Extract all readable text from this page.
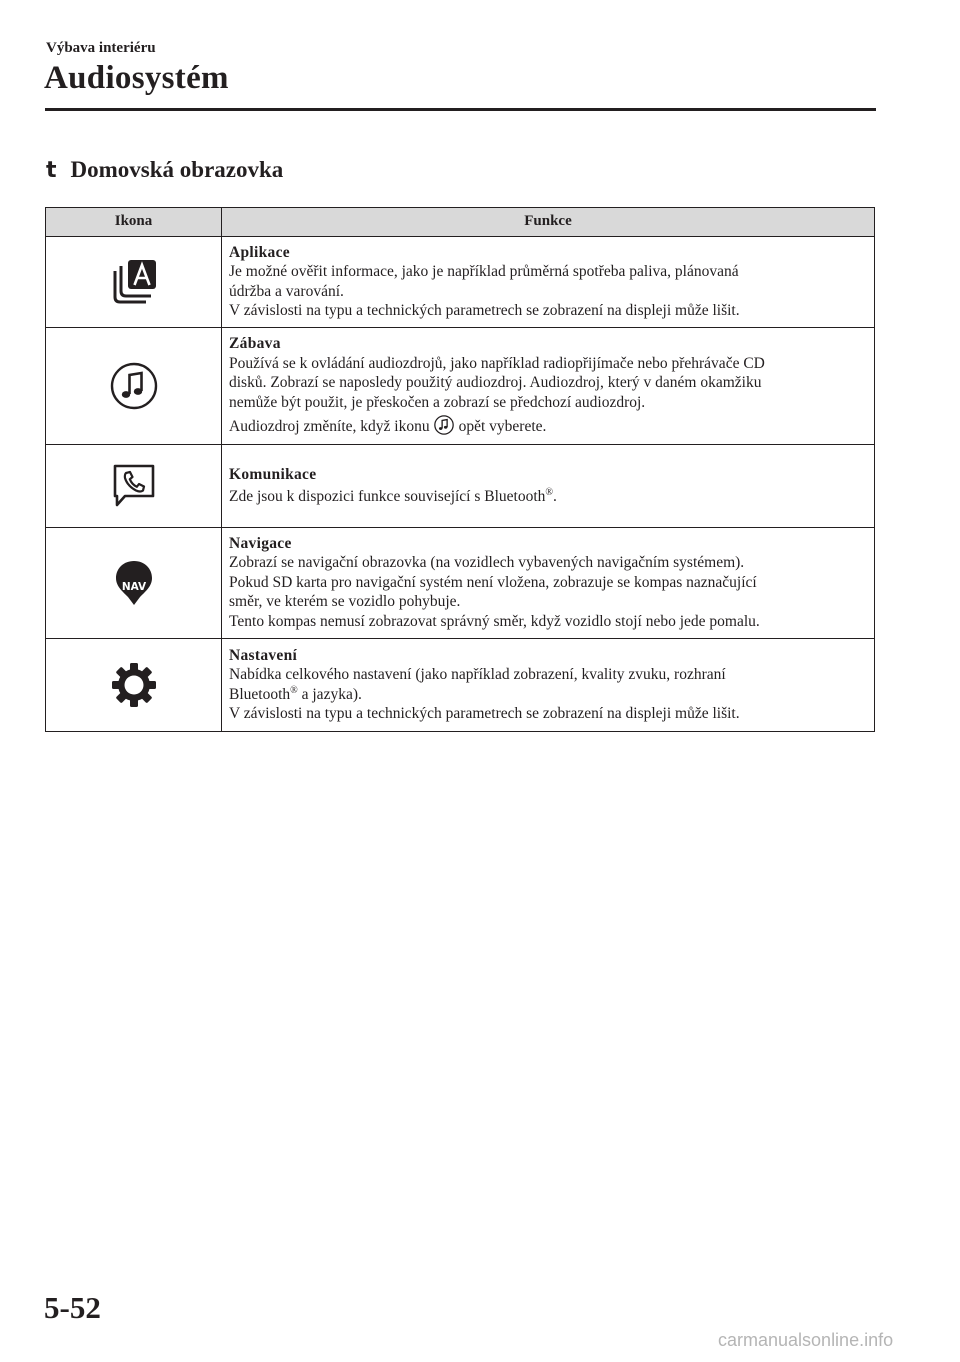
Výbava interiéru
Audiosystém
t Domovská obrazovka
Ikona	Funkce

Aplikace
Je možné ověřit informace, jako je například průměrná spotřeba paliva, plánovaná
údržba a varování.
V závislosti na typu a technických parametrech se zobrazení na displeji může lišit.

Zábava
Používá se k ovládání audiozdrojů, jako například radiopřijímače nebo přehrávače CD
disků. Zobrazí se naposledy použitý audiozdroj. Audiozdroj, který v daném okamžiku
nemůže být použit, je přeskočen a zobrazí se předchozí audiozdroj.
Audiozdroj změníte, když ikonu opět vyberete.

Komunikace
Zde jsou k dispozici funkce související s Bluetooth®.

NAV	Navigace
Zobrazí se navigační obrazovka (na vozidlech vybavených navigačním systémem).
Pokud SD karta pro navigační systém není vložena, zobrazuje se kompas naznačující
směr, ve kterém se vozidlo pohybuje.
Tento kompas nemusí zobrazovat správný směr, když vozidlo stojí nebo jede pomalu.

Nastavení
Nabídka celkového nastavení (jako například zobrazení, kvality zvuku, rozhraní
Bluetooth® a jazyka).
V závislosti na typu a technických parametrech se zobrazení na displeji může lišit.
5-52
carmanualsonline.info
